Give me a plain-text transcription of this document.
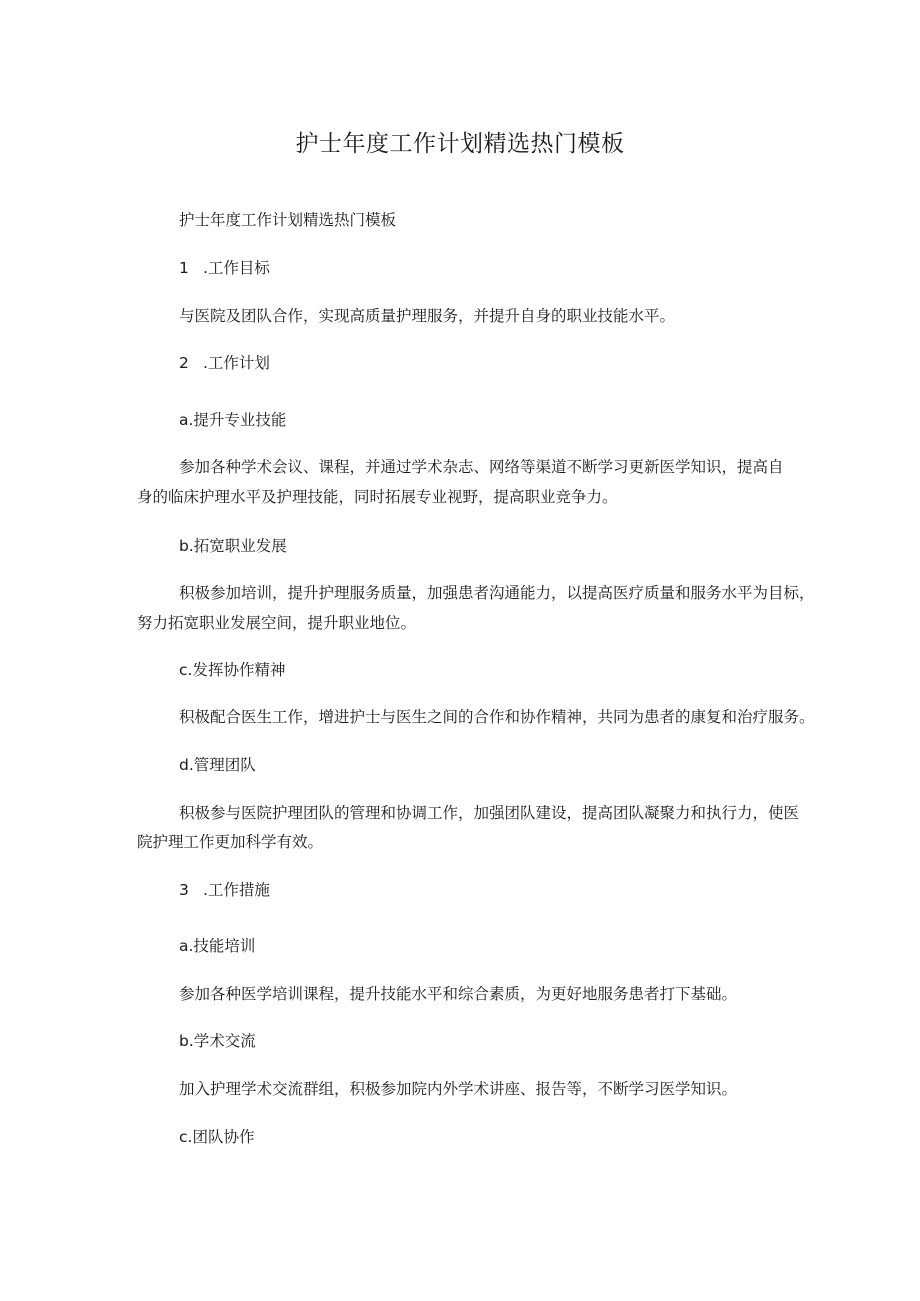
护士年度工作计划精选热门模板
护士年度工作计划精选热门模板
1 .工作目标
与医院及团队合作，实现高质量护理服务，并提升自身的职业技能水平。
2 .工作计划
a.提升专业技能
参加各种学术会议、课程，并通过学术杂志、网络等渠道不断学习更新医学知识，提高自
身的临床护理水平及护理技能，同时拓展专业视野，提高职业竞争力。
b.拓宽职业发展
积极参加培训，提升护理服务质量，加强患者沟通能力，以提高医疗质量和服务水平为目标，
努力拓宽职业发展空间，提升职业地位。
c.发挥协作精神
积极配合医生工作，增进护士与医生之间的合作和协作精神，共同为患者的康复和治疗服务。
d.管理团队
积极参与医院护理团队的管理和协调工作，加强团队建设，提高团队凝聚力和执行力，使医
院护理工作更加科学有效。
3 .工作措施
a.技能培训
参加各种医学培训课程，提升技能水平和综合素质，为更好地服务患者打下基础。
b.学术交流
加入护理学术交流群组，积极参加院内外学术讲座、报告等，不断学习医学知识。
c.团队协作
